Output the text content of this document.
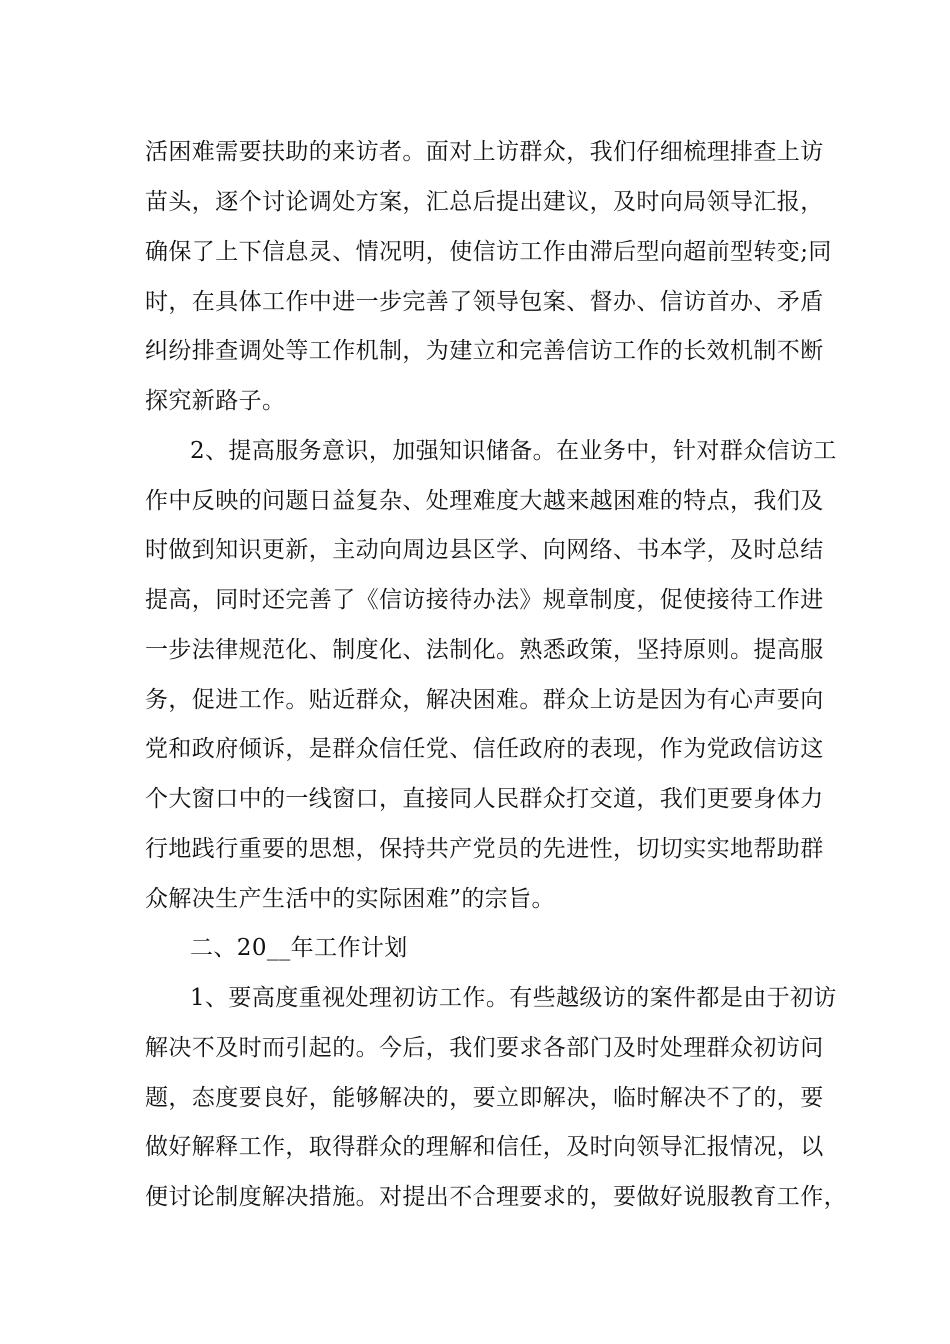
活困难需要扶助的来访者。面对上访群众，我们仔细梳理排查上访
苗头，逐个讨论调处方案，汇总后提出建议，及时向局领导汇报，
确保了上下信息灵、情况明，使信访工作由滞后型向超前型转变;同
时，在具体工作中进一步完善了领导包案、督办、信访首办、矛盾
纠纷排查调处等工作机制，为建立和完善信访工作的长效机制不断
探究新路子。
2、提高服务意识，加强知识储备。在业务中，针对群众信访工
作中反映的问题日益复杂、处理难度大越来越困难的特点，我们及
时做到知识更新，主动向周边县区学、向网络、书本学，及时总结
提高，同时还完善了《信访接待办法》规章制度，促使接待工作进
一步法律规范化、制度化、法制化。熟悉政策，坚持原则。提高服
务，促进工作。贴近群众，解决困难。群众上访是因为有心声要向
党和政府倾诉，是群众信任党、信任政府的表现，作为党政信访这
个大窗口中的一线窗口，直接同人民群众打交道，我们更要身体力
行地践行重要的思想，保持共产党员的先进性，切切实实地帮助群
众解决生产生活中的实际困难”的宗旨。
二、20__年工作计划
1、要高度重视处理初访工作。有些越级访的案件都是由于初访
解决不及时而引起的。今后，我们要求各部门及时处理群众初访问
题，态度要良好，能够解决的，要立即解决，临时解决不了的，要
做好解释工作，取得群众的理解和信任，及时向领导汇报情况，以
便讨论制度解决措施。对提出不合理要求的，要做好说服教育工作，
